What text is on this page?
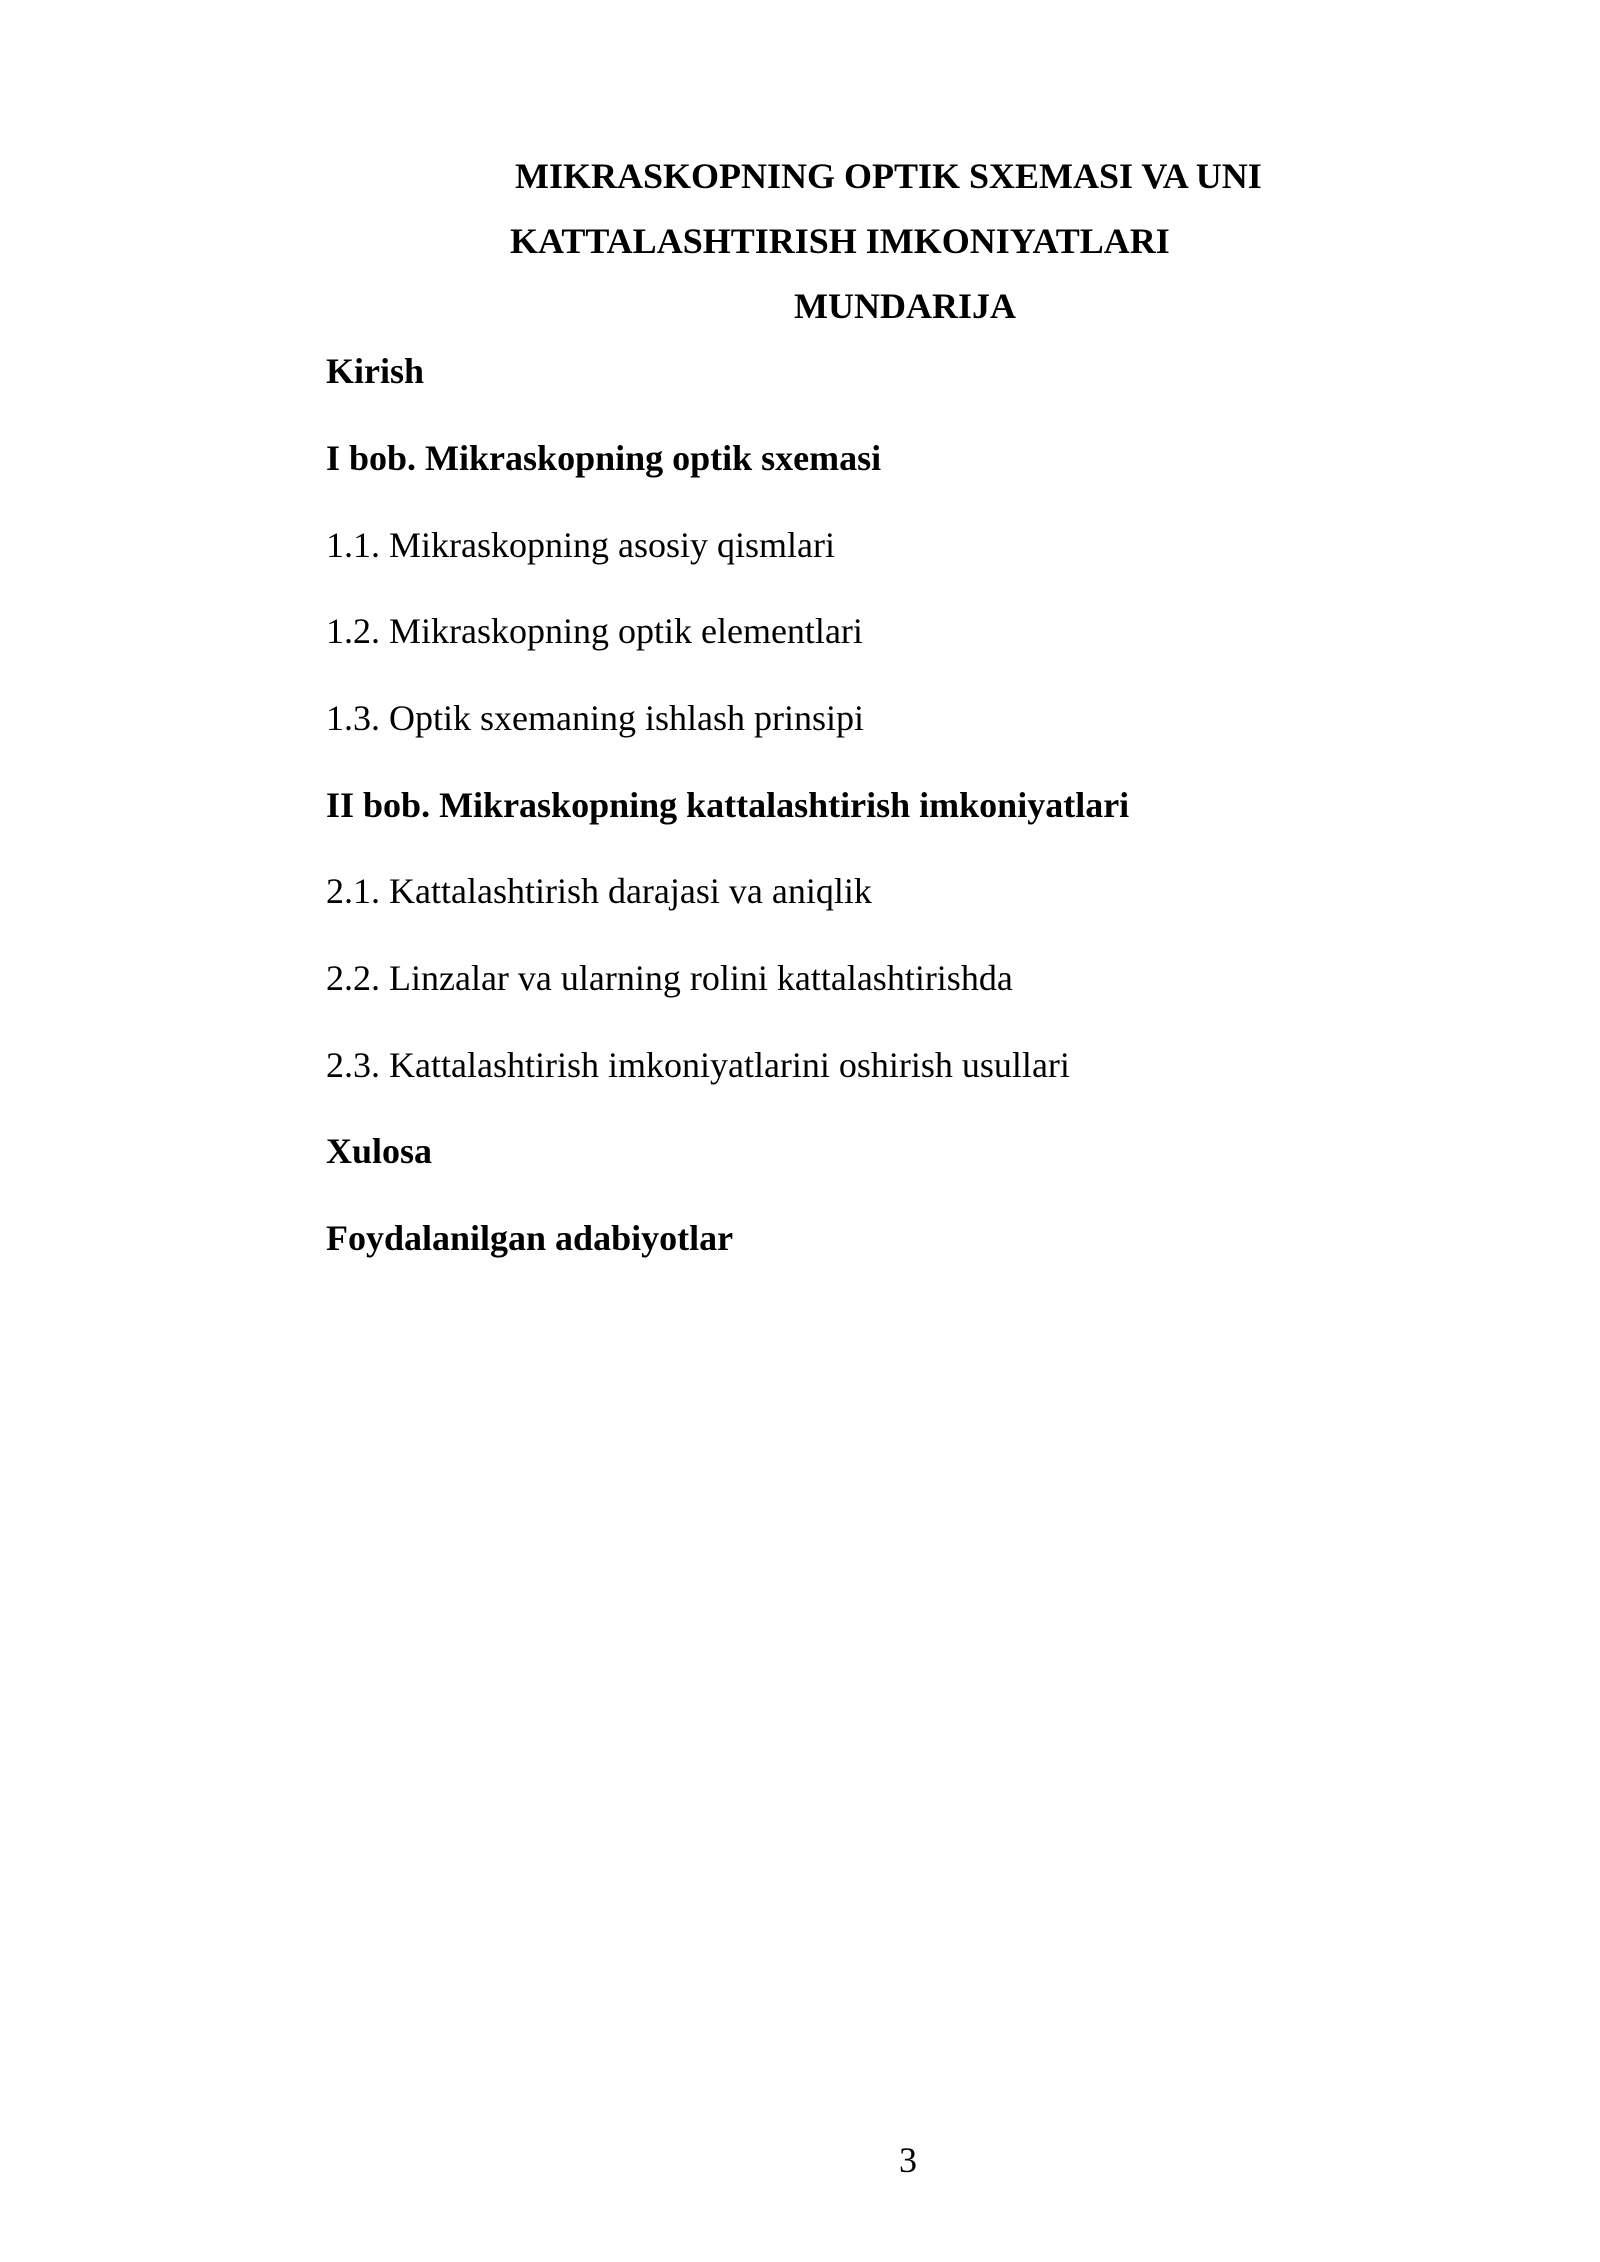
MIKRASKOPNING OPTIK SXEMASI VA UNI
KATTALASHTIRISH IMKONIYATLARI
MUNDARIJA
Kirish
I bob. Mikraskopning optik sxemasi
1.1. Mikraskopning asosiy qismlari
1.2. Mikraskopning optik elementlari
1.3. Optik sxemaning ishlash prinsipi
II bob. Mikraskopning kattalashtirish imkoniyatlari
2.1. Kattalashtirish darajasi va aniqlik
2.2. Linzalar va ularning rolini kattalashtirishda
2.3. Kattalashtirish imkoniyatlarini oshirish usullari
Xulosa
Foydalanilgan adabiyotlar
3
